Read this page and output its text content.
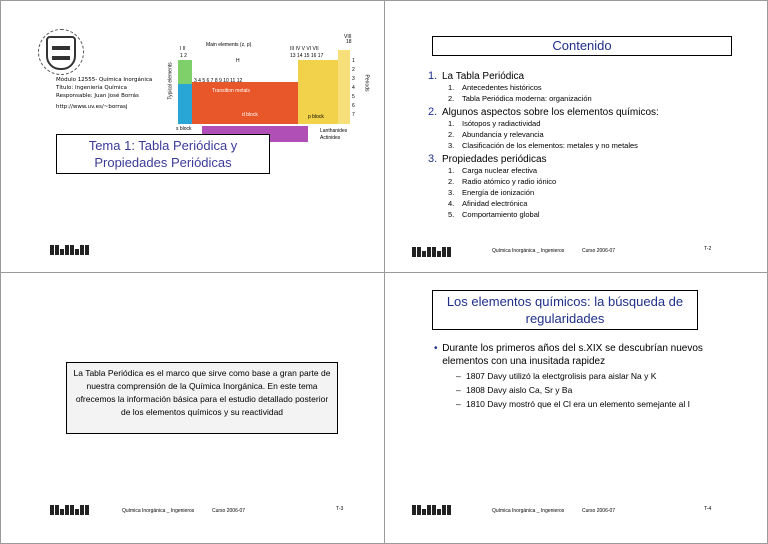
Módulo 12555- Química Inorgánica
Título: Ingeniería Química
Responsable: Juan José Borrás
http://www.uv.es/~borrasj
Main elements (z, p)
VIII
18
I II
1 2
III IV V VI VII
13 14 15 16 17
H
Typical elements	Periods
3 4 5 6 7 8 9 10 11 12
Transition metals
d block	p block
s block	Lanthanides
Actinides
1
2
3
4
5
6
7
Tema 1: Tabla Periódica y Propiedades Periódicas
Contenido
1. La Tabla Periódica
1.	Antecedentes históricos
2.	Tabla Periódica moderna: organización
2. Algunos aspectos sobre los elementos químicos:
1.	Isótopos y radiactividad
2.	Abundancia y relevancia
3.	Clasificación de los elementos: metales y no metales
3. Propiedades periódicas
1.	Carga nuclear efectiva
2.	Radio atómico y radio iónico
3.	Energía de ionización
4.	Afinidad electrónica
5.	Comportamiento global
Química Inorgánica _ Ingenieros	Curso 2006-07	T-2
La Tabla Periódica es el marco que sirve como base a gran parte de nuestra comprensión de la Química Inorgánica. En este tema ofrecemos la información básica para el estudio detallado posterior de los elementos químicos y su reactividad
Química Inorgánica _ Ingenieros	Curso 2006-07	T-3
Los elementos químicos: la búsqueda de regularidades
• Durante los primeros años del s.XIX se descubrían nuevos elementos con una inusitada rapidez
– 1807 Davy utilizó la electgrolisis para aislar Na y K
– 1808 Davy aislo Ca, Sr y Ba
– 1810 Davy mostró que el Cl era un elemento semejante al I
Química Inorgánica _ Ingenieros	Curso 2006-07	T-4
